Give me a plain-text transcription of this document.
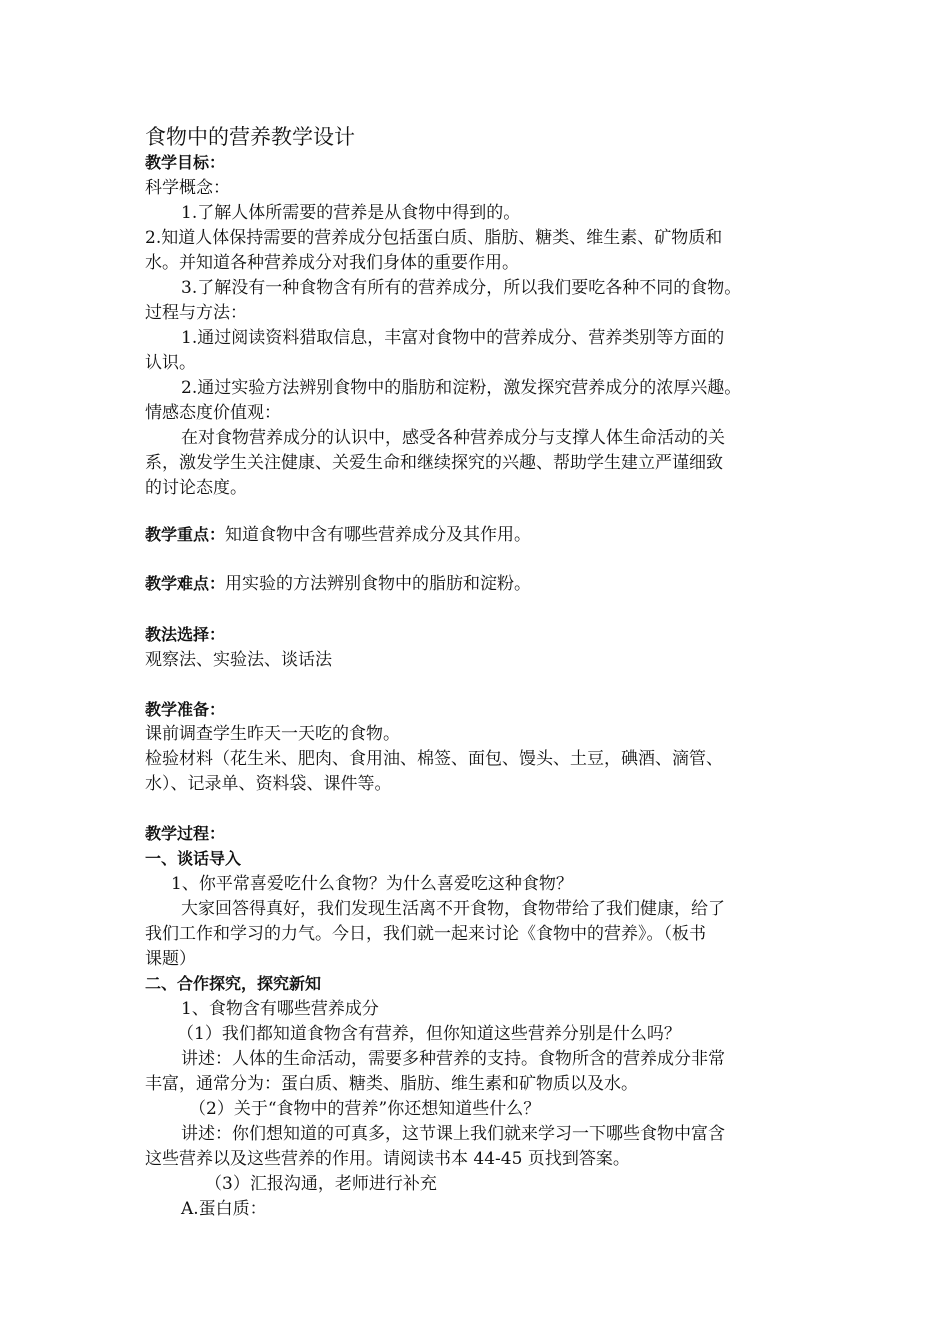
食物中的营养教学设计
教学目标：
科学概念：
1.了解人体所需要的营养是从食物中得到的。
2.知道人体保持需要的营养成分包括蛋白质、脂肪、糖类、维生素、矿物质和
水。并知道各种营养成分对我们身体的重要作用。
3.了解没有一种食物含有所有的营养成分，所以我们要吃各种不同的食物。
过程与方法：
1.通过阅读资料猎取信息，丰富对食物中的营养成分、营养类别等方面的
认识。
2.通过实验方法辨别食物中的脂肪和淀粉，激发探究营养成分的浓厚兴趣。
情感态度价值观：
在对食物营养成分的认识中，感受各种营养成分与支撑人体生命活动的关
系，激发学生关注健康、关爱生命和继续探究的兴趣、帮助学生建立严谨细致
的讨论态度。
教学重点：知道食物中含有哪些营养成分及其作用。
教学难点：用实验的方法辨别食物中的脂肪和淀粉。
教法选择：
观察法、实验法、谈话法
教学准备：
课前调查学生昨天一天吃的食物。
检验材料（花生米、肥肉、食用油、棉签、面包、馒头、土豆，碘酒、滴管、
水）、记录单、资料袋、课件等。
教学过程：
一、谈话导入
1、你平常喜爱吃什么食物？为什么喜爱吃这种食物？
大家回答得真好，我们发现生活离不开食物，食物带给了我们健康，给了
我们工作和学习的力气。今日，我们就一起来讨论《食物中的营养》。（板书
课题）
二、合作探究，探究新知
1、食物含有哪些营养成分
（1）我们都知道食物含有营养，但你知道这些营养分别是什么吗？
讲述：人体的生命活动，需要多种营养的支持。食物所含的营养成分非常
丰富，通常分为：蛋白质、糖类、脂肪、维生素和矿物质以及水。
（2）关于“食物中的营养”你还想知道些什么？
讲述：你们想知道的可真多，这节课上我们就来学习一下哪些食物中富含
这些营养以及这些营养的作用。请阅读书本 44-45 页找到答案。
（3）汇报沟通，老师进行补充
A.蛋白质：
